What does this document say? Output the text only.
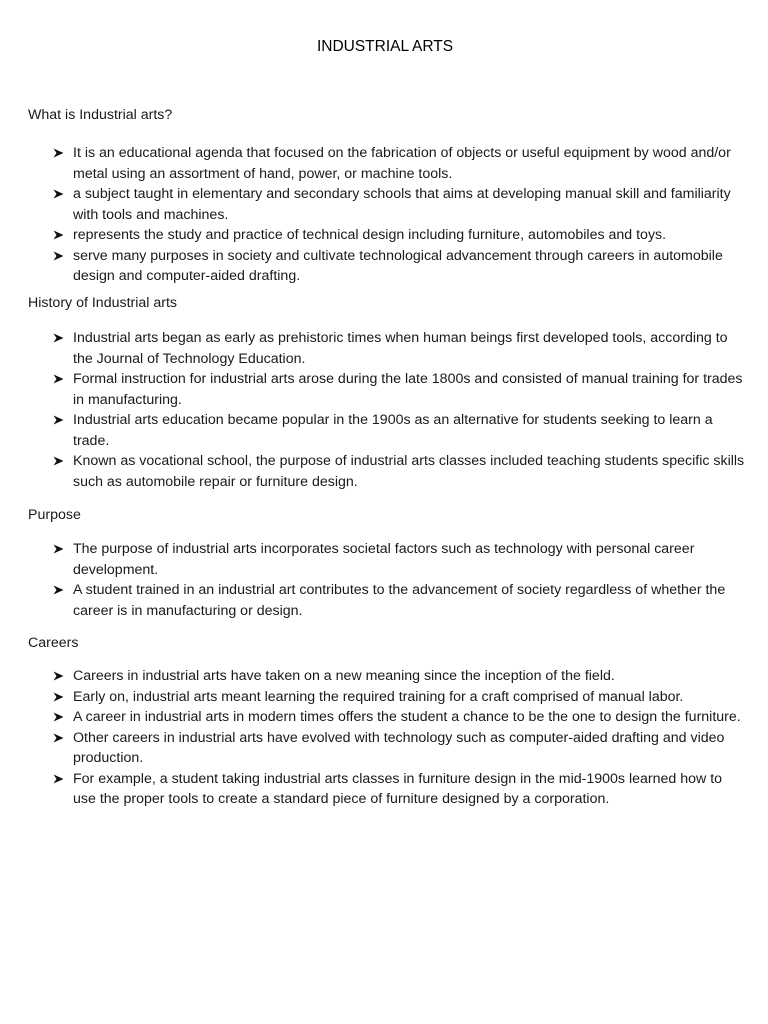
INDUSTRIAL ARTS

What is Industrial arts?

It is an educational agenda that focused on the fabrication of objects or useful equipment by wood and/or metal using an assortment of hand, power, or machine tools.
a subject taught in elementary and secondary schools that aims at developing manual skill and familiarity with tools and machines.
represents the study and practice of technical design including furniture, automobiles and toys.
serve many purposes in society and cultivate technological advancement through careers in automobile design and computer-aided drafting.

History of Industrial arts

Industrial arts began as early as prehistoric times when human beings first developed tools, according to the Journal of Technology Education.
Formal instruction for industrial arts arose during the late 1800s and consisted of manual training for trades in manufacturing.
Industrial arts education became popular in the 1900s as an alternative for students seeking to learn a trade.
Known as vocational school, the purpose of industrial arts classes included teaching students specific skills such as automobile repair or furniture design.

Purpose

The purpose of industrial arts incorporates societal factors such as technology with personal career development.
A student trained in an industrial art contributes to the advancement of society regardless of whether the career is in manufacturing or design.

Careers

Careers in industrial arts have taken on a new meaning since the inception of the field.
Early on, industrial arts meant learning the required training for a craft comprised of manual labor.
A career in industrial arts in modern times offers the student a chance to be the one to design the furniture.
Other careers in industrial arts have evolved with technology such as computer-aided drafting and video production.
For example, a student taking industrial arts classes in furniture design in the mid-1900s learned how to use the proper tools to create a standard piece of furniture designed by a corporation.
